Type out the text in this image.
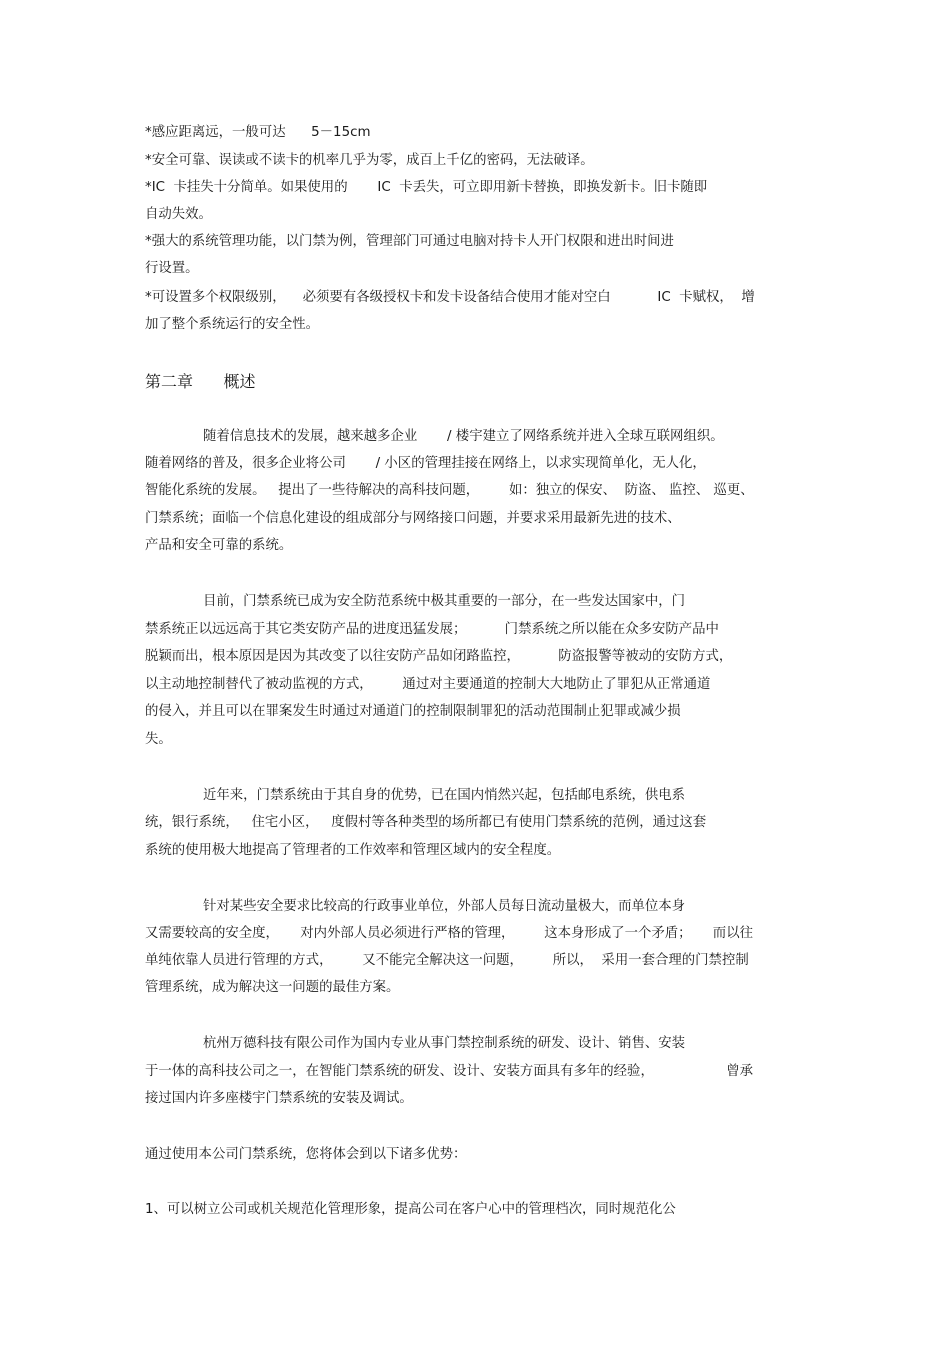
*感应距离远，一般可达      5－15cm

*安全可靠、误读或不读卡的机率几乎为零，成百上千亿的密码，无法破译。

*IC  卡挂失十分简单。如果使用的       IC  卡丢失，可立即用新卡替换，即换发新卡。旧卡随即

自动失效。

*强大的系统管理功能，以门禁为例，管理部门可通过电脑对持卡人开门权限和进出时间进

行设置。

*可设置多个权限级别，    必须要有各级授权卡和发卡设备结合使用才能对空白           IC  卡赋权，  增

加了整个系统运行的安全性。

第二章      概述

随着信息技术的发展，越来越多企业       / 楼宇建立了网络系统并进入全球互联网组织。

随着网络的普及，很多企业将公司       / 小区的管理挂接在网络上，以求实现简单化，无人化，

智能化系统的发展。   提出了一些待解决的高科技问题，       如：独立的保安、  防盗、 监控、 巡更、

门禁系统；面临一个信息化建设的组成部分与网络接口问题，并要求采用最新先进的技术、

产品和安全可靠的系统。

目前，门禁系统已成为安全防范系统中极其重要的一部分，在一些发达国家中，门

禁系统正以远远高于其它类安防产品的进度迅猛发展；         门禁系统之所以能在众多安防产品中

脱颖而出，根本原因是因为其改变了以往安防产品如闭路监控，         防盗报警等被动的安防方式，

以主动地控制替代了被动监视的方式，       通过对主要通道的控制大大地防止了罪犯从正常通道

的侵入，并且可以在罪案发生时通过对通道门的控制限制罪犯的活动范围制止犯罪或减少损

失。

近年来，门禁系统由于其自身的优势，已在国内悄然兴起，包括邮电系统，供电系

统，银行系统，   住宅小区，   度假村等各种类型的场所都已有使用门禁系统的范例，通过这套

系统的使用极大地提高了管理者的工作效率和管理区域内的安全程度。

针对某些安全要求比较高的行政事业单位，外部人员每日流动量极大，而单位本身

又需要较高的安全度，     对内外部人员必须进行严格的管理，       这本身形成了一个矛盾；     而以往

单纯依靠人员进行管理的方式，       又不能完全解决这一问题，       所以，  采用一套合理的门禁控制

管理系统，成为解决这一问题的最佳方案。

杭州万德科技有限公司作为国内专业从事门禁控制系统的研发、设计、销售、安装

于一体的高科技公司之一，在智能门禁系统的研发、设计、安装方面具有多年的经验，                 曾承

接过国内许多座楼宇门禁系统的安装及调试。

通过使用本公司门禁系统，您将体会到以下诸多优势：

1、可以树立公司或机关规范化管理形象，提高公司在客户心中的管理档次，同时规范化公
